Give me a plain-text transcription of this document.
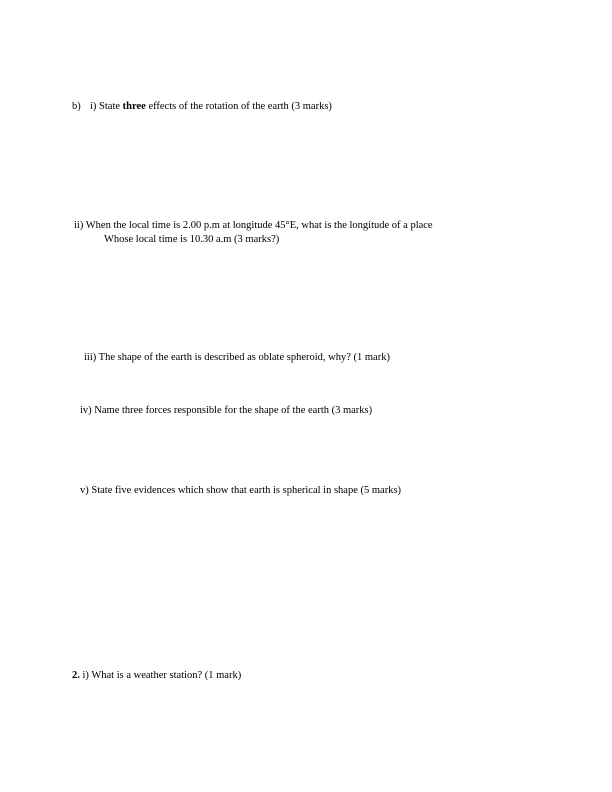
b) i) State three effects of the rotation of the earth (3 marks)
ii) When the local time is 2.00 p.m at longitude 45°E, what is the longitude of a place
Whose local time is 10.30 a.m (3 marks?)
iii) The shape of the earth is described as oblate spheroid, why? (1 mark)
iv) Name three forces responsible for the shape of the earth (3 marks)
v) State five evidences which show that earth is spherical in shape (5 marks)
2. i) What is a weather station? (1 mark)
